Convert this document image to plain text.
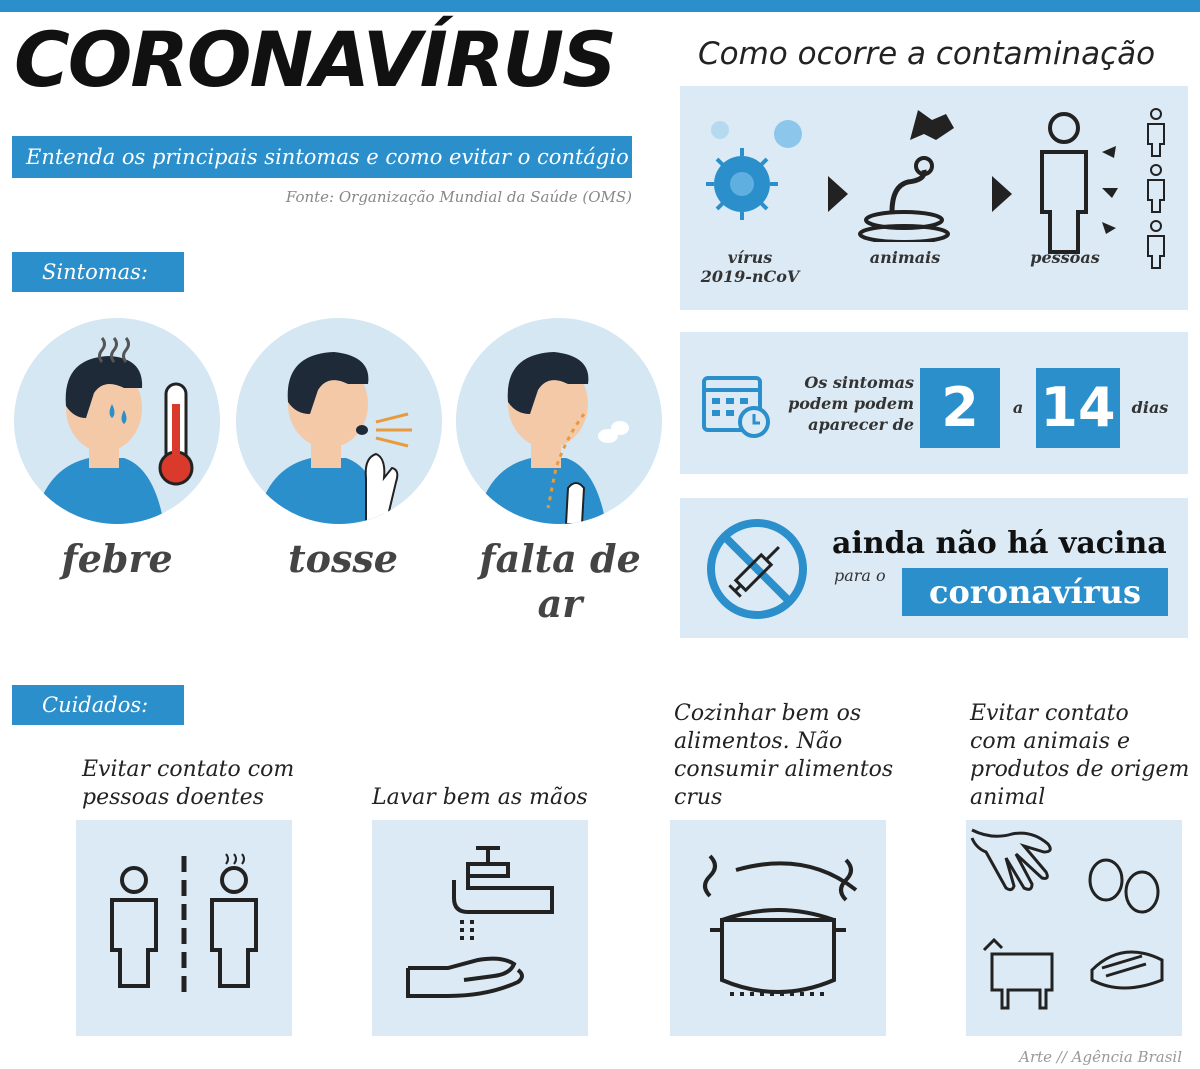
CORONAVÍRUS
Entenda os principais sintomas e como evitar o contágio
Fonte: Organização Mundial da Saúde (OMS)
Sintomas:
febre	tosse	falta de ar
Como ocorre a contaminação
vírus
2019-nCoV
animais	pessoas
Os sintomas
podem podem
aparecer de 2	a 14 dias
ainda não há vacina
para o	coronavírus
Cuidados:
Evitar contato com
pessoas doentes	Lavar bem as mãos
Cozinhar bem os
alimentos. Não
consumir alimentos
crus
Evitar contato
com animais e
produtos de origem
animal
Arte // Agência Brasil
